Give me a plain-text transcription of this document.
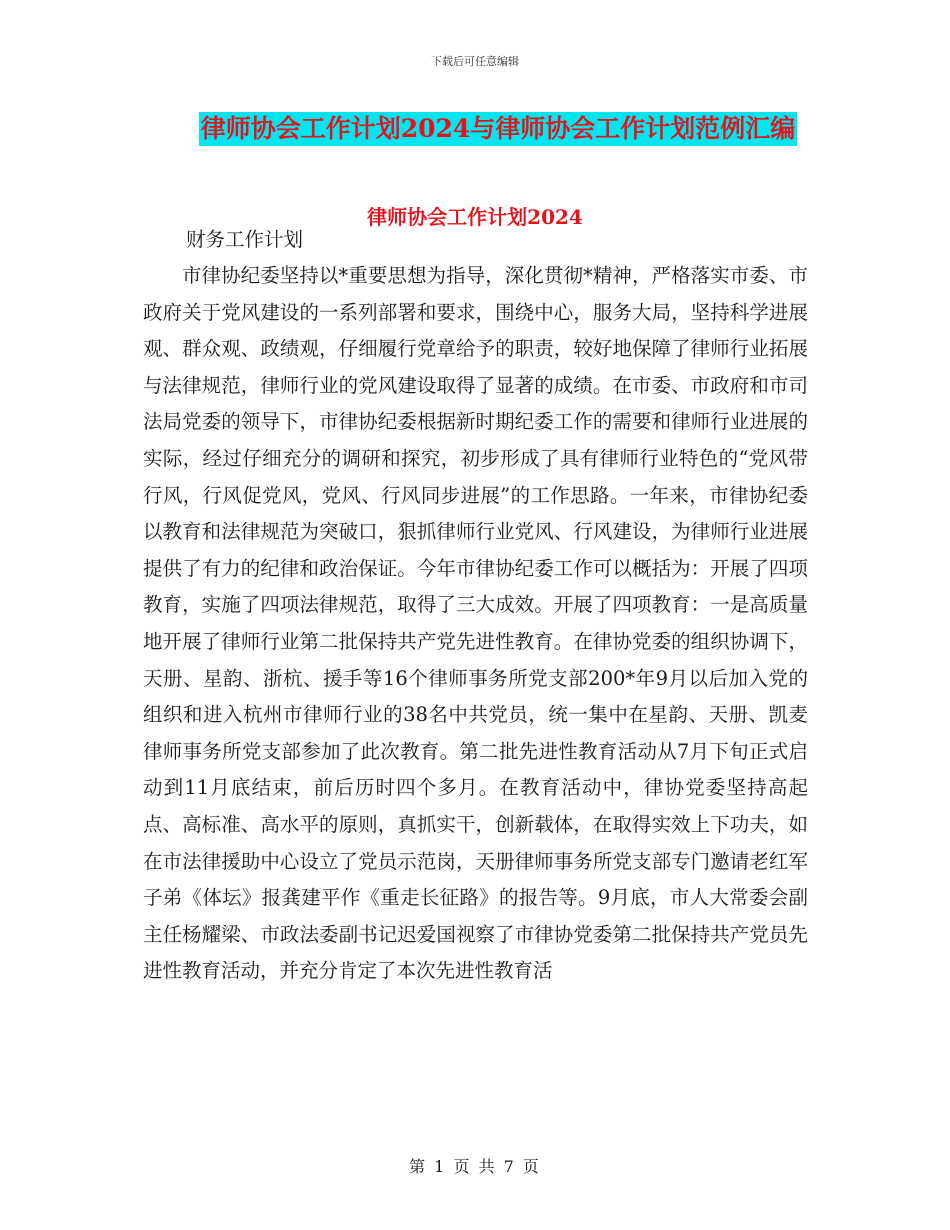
下载后可任意编辑
律师协会工作计划2024与律师协会工作计划范例汇编
律师协会工作计划2024
财务工作计划

市律协纪委坚持以*重要思想为指导，深化贯彻*精神，严格落实市委、市政府关于党风建设的一系列部署和要求，围绕中心，服务大局，坚持科学进展观、群众观、政绩观，仔细履行党章给予的职责，较好地保障了律师行业拓展与法律规范，律师行业的党风建设取得了显著的成绩。在市委、市政府和市司法局党委的领导下，市律协纪委根据新时期纪委工作的需要和律师行业进展的实际，经过仔细充分的调研和探究，初步形成了具有律师行业特色的“党风带行风，行风促党风，党风、行风同步进展”的工作思路。一年来，市律协纪委以教育和法律规范为突破口，狠抓律师行业党风、行风建设，为律师行业进展提供了有力的纪律和政治保证。今年市律协纪委工作可以概括为：开展了四项教育，实施了四项法律规范，取得了三大成效。开展了四项教育：一是高质量地开展了律师行业第二批保持共产党先进性教育。在律协党委的组织协调下，天册、星韵、浙杭、援手等16个律师事务所党支部200*年9月以后加入党的组织和进入杭州市律师行业的38名中共党员，统一集中在星韵、天册、凯麦律师事务所党支部参加了此次教育。第二批先进性教育活动从7月下旬正式启动到11月底结束，前后历时四个多月。在教育活动中，律协党委坚持高起点、高标准、高水平的原则，真抓实干，创新载体，在取得实效上下功夫，如在市法律援助中心设立了党员示范岗，天册律师事务所党支部专门邀请老红军子弟《体坛》报龚建平作《重走长征路》的报告等。9月底，市人大常委会副主任杨耀梁、市政法委副书记迟爱国视察了市律协党委第二批保持共产党员先进性教育活动，并充分肯定了本次先进性教育活

第 1 页 共 7 页
